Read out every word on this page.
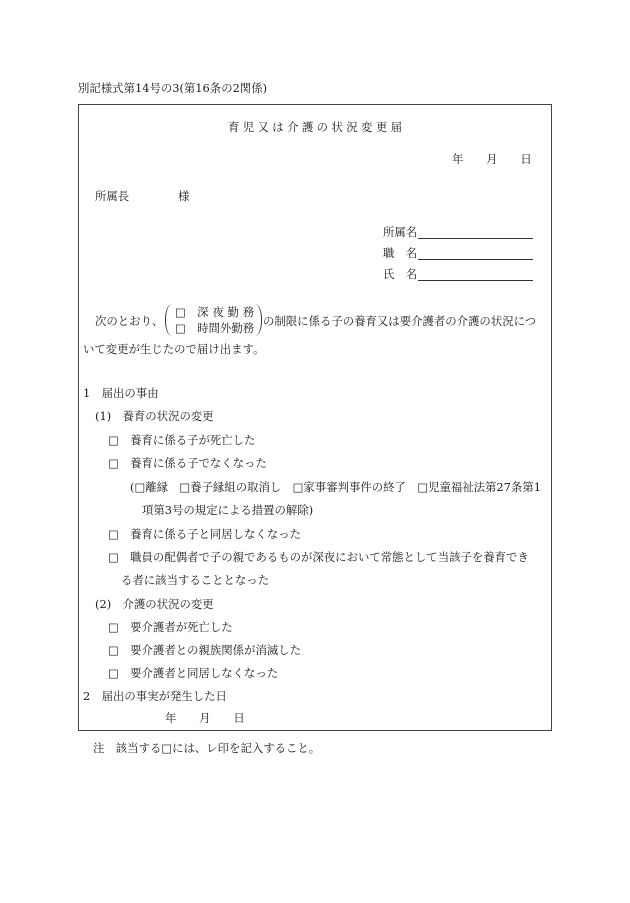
別記様式第14号の3(第16条の2関係)
育児又は介護の状況変更届
年　　月　　日
所属長	様
所属名
職　名
氏　名
次のとおり、
□　 深夜勤務
□　 時間外勤務 の制限に係る子の養育又は要介護者の介護の状況につ
いて変更が生じたので届け出ます。
1　届出の事由
(1)　養育の状況の変更
□　養育に係る子が死亡した
□　養育に係る子でなくなった
(□離縁　□養子縁組の取消し　□家事審判事件の終了　□児童福祉法第27条第1
項第3号の規定による措置の解除)
□　養育に係る子と同居しなくなった
□　職員の配偶者で子の親であるものが深夜において常態として当該子を養育でき
る者に該当することとなった
(2)　介護の状況の変更
□　要介護者が死亡した
□　要介護者との親族関係が消滅した
□　要介護者と同居しなくなった
2　届出の事実が発生した日
年　　月　　日
注　該当する□には、レ印を記入すること。
